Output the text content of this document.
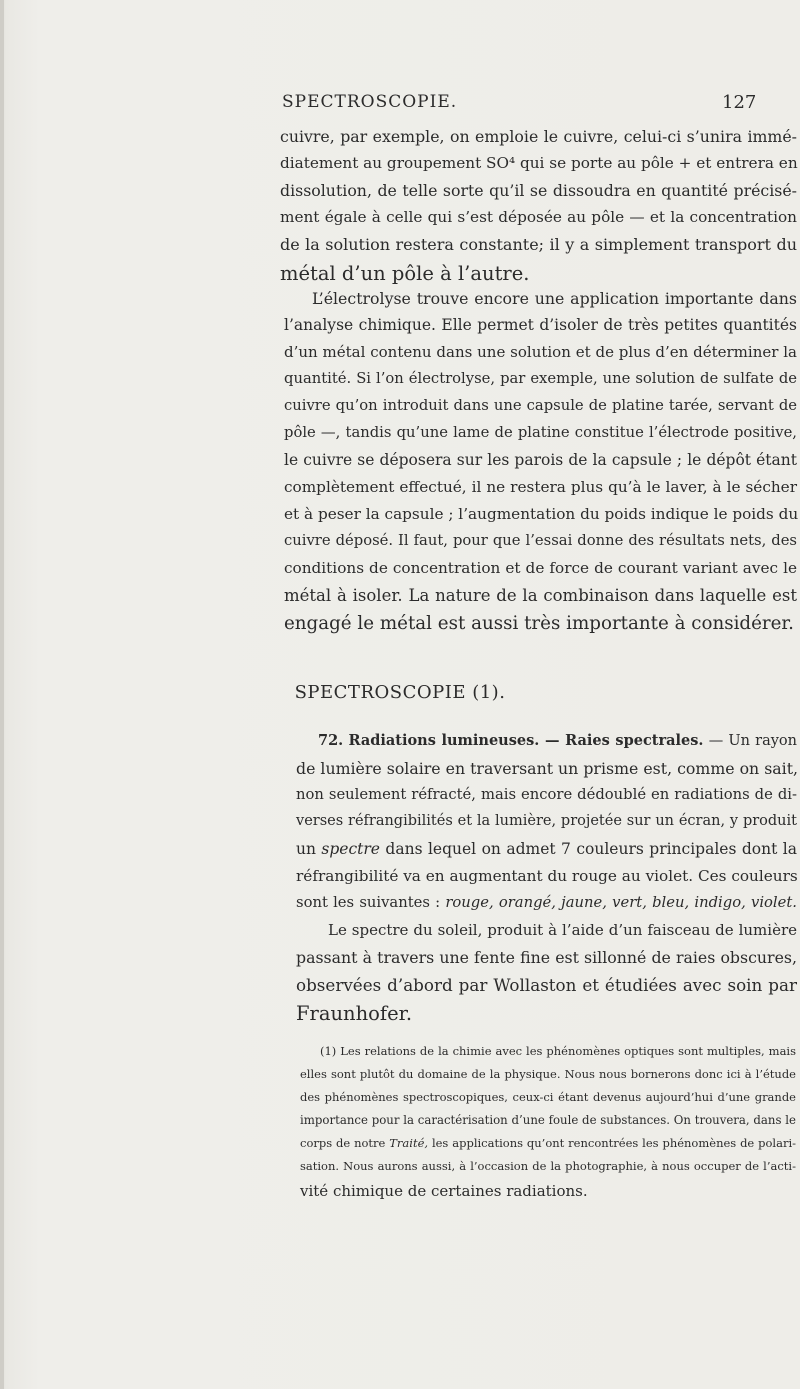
SPECTROSCOPIE.	127
cuivre, par exemple, on emploie le cuivre, celui-ci s’unira immé-
diatement au groupement SO⁴ qui se porte au pôle + et entrera en
dissolution, de telle sorte qu’il se dissoudra en quantité précisé-
ment égale à celle qui s’est déposée au pôle — et la concentration
de la solution restera constante; il y a simplement transport du
métal d’un pôle à l’autre.
L’électrolyse trouve encore une application importante dans
l’analyse chimique. Elle permet d’isoler de très petites quantités
d’un métal contenu dans une solution et de plus d’en déterminer la
quantité. Si l’on électrolyse, par exemple, une solution de sulfate de
cuivre qu’on introduit dans une capsule de platine tarée, servant de
pôle —, tandis qu’une lame de platine constitue l’électrode positive,
le cuivre se déposera sur les parois de la capsule ; le dépôt étant
complètement effectué, il ne restera plus qu’à le laver, à le sécher
et à peser la capsule ; l’augmentation du poids indique le poids du
cuivre déposé. Il faut, pour que l’essai donne des résultats nets, des
conditions de concentration et de force de courant variant avec le
métal à isoler. La nature de la combinaison dans laquelle est
engagé le métal est aussi très importante à considérer.
SPECTROSCOPIE (1).
72. Radiations lumineuses. — Raies spectrales. — Un rayon
de lumière solaire en traversant un prisme est, comme on sait,
non seulement réfracté, mais encore dédoublé en radiations de di-
verses réfrangibilités et la lumière, projetée sur un écran, y produit
un spectre dans lequel on admet 7 couleurs principales dont la
réfrangibilité va en augmentant du rouge au violet. Ces couleurs
sont les suivantes : rouge, orangé, jaune, vert, bleu, indigo, violet.
Le spectre du soleil, produit à l’aide d’un faisceau de lumière
passant à travers une fente fine est sillonné de raies obscures,
observées d’abord par Wollaston et étudiées avec soin par
Fraunhofer.
(1) Les relations de la chimie avec les phénomènes optiques sont multiples, mais
elles sont plutôt du domaine de la physique. Nous nous bornerons donc ici à l’étude
des phénomènes spectroscopiques, ceux-ci étant devenus aujourd’hui d’une grande
importance pour la caractérisation d’une foule de substances. On trouvera, dans le
corps de notre Traité, les applications qu’ont rencontrées les phénomènes de polari-
sation. Nous aurons aussi, à l’occasion de la photographie, à nous occuper de l’acti-
vité chimique de certaines radiations.
